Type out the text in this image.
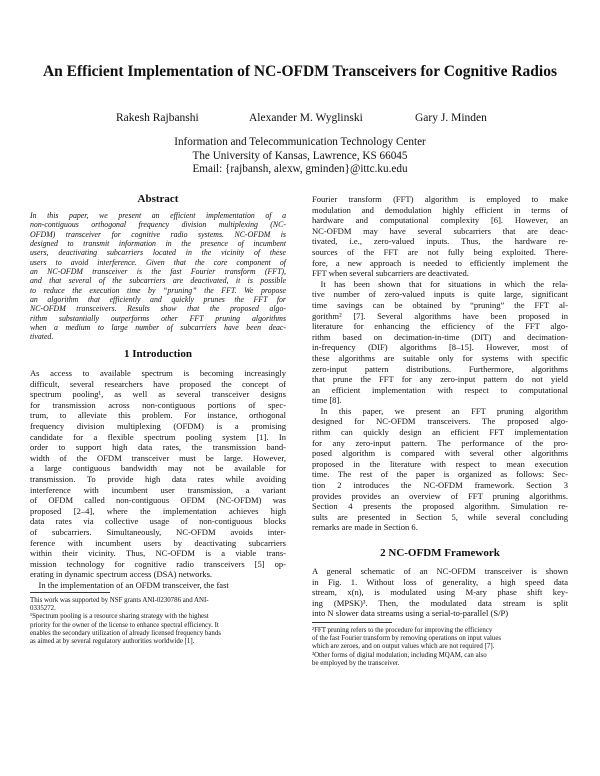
An Efficient Implementation of NC-OFDM Transceivers for Cognitive Radios
Rakesh Rajbanshi	Alexander M. Wyglinski	Gary J. Minden
Information and Telecommunication Technology Center
The University of Kansas, Lawrence, KS 66045
Email: {rajbansh, alexw, gminden}@ittc.ku.edu
Abstract
In this paper, we present an efficient implementation of a
non-contiguous orthogonal frequency division multiplexing (NC-
OFDM) transceiver for cognitive radio systems. NC-OFDM is
designed to transmit information in the presence of incumbent
users, deactivating subcarriers located in the vicinity of these
users to avoid interference. Given that the core component of
an NC-OFDM transceiver is the fast Fourier transform (FFT),
and that several of the subcarriers are deactivated, it is possible
to reduce the execution time by “pruning” the FFT. We propose
an algorithm that efficiently and quickly prunes the FFT for
NC-OFDM transceivers. Results show that the proposed algo-
rithm substantially outperforms other FFT pruning algorithms
when a medium to large number of subcarriers have been deac-
tivated.
1 Introduction
As access to available spectrum is becoming increasingly
difficult, several researchers have proposed the concept of
spectrum pooling¹, as well as several transceiver designs
for transmission across non-contiguous portions of spec-
trum, to alleviate this problem. For instance, orthogonal
frequency division multiplexing (OFDM) is a promising
candidate for a flexible spectrum pooling system [1]. In
order to support high data rates, the transmission band-
width of the OFDM transceiver must be large. However,
a large contiguous bandwidth may not be available for
transmission. To provide high data rates while avoiding
interference with incumbent user transmission, a variant
of OFDM called non-contiguous OFDM (NC-OFDM) was
proposed [2–4], where the implementation achieves high
data rates via collective usage of non-contiguous blocks
of subcarriers. Simultaneously, NC-OFDM avoids inter-
ference with incumbent users by deactivating subcarriers
within their vicinity. Thus, NC-OFDM is a viable trans-
mission technology for cognitive radio transceivers [5] op-
erating in dynamic spectrum access (DSA) networks.
 In the implementation of an OFDM transceiver, the fast
This work was supported by NSF grants ANI-0230786 and ANI-
0335272.
¹Spectrum pooling is a resource sharing strategy with the highest
priority for the owner of the license to enhance spectral efficiency. It
enables the secondary utilization of already licensed frequency bands
as aimed at by several regulatory authorities worldwide [1].
Fourier transform (FFT) algorithm is employed to make
modulation and demodulation highly efficient in terms of
hardware and computational complexity [6]. However, an
NC-OFDM may have several subcarriers that are deac-
tivated, i.e., zero-valued inputs. Thus, the hardware re-
sources of the FFT are not fully being exploited. There-
fore, a new approach is needed to efficiently implement the
FFT when several subcarriers are deactivated.
 It has been shown that for situations in which the rela-
tive number of zero-valued inputs is quite large, significant
time savings can be obtained by “pruning” the FFT al-
gorithm² [7]. Several algorithms have been proposed in
literature for enhancing the efficiency of the FFT algo-
rithm based on decimation-in-time (DIT) and decimation-
in-frequency (DIF) algorithms [8–15]. However, most of
these algorithms are suitable only for systems with specific
zero-input pattern distributions. Furthermore, algorithms
that prune the FFT for any zero-input pattern do not yield
an efficient implementation with respect to computational
time [8].
 In this paper, we present an FFT pruning algorithm
designed for NC-OFDM transceivers. The proposed algo-
rithm can quickly design an efficient FFT implementation
for any zero-input pattern. The performance of the pro-
posed algorithm is compared with several other algorithms
proposed in the literature with respect to mean execution
time. The rest of the paper is organized as follows: Sec-
tion 2 introduces the NC-OFDM framework. Section 3
provides provides an overview of FFT pruning algorithms.
Section 4 presents the proposed algorithm. Simulation re-
sults are presented in Section 5, while several concluding
remarks are made in Section 6.
2 NC-OFDM Framework
A general schematic of an NC-OFDM transceiver is shown
in Fig. 1. Without loss of generality, a high speed data
stream, x(n), is modulated using M-ary phase shift key-
ing (MPSK)³. Then, the modulated data stream is split
into N slower data streams using a serial-to-parallel (S/P)
²FFT pruning refers to the procedure for improving the efficiency
of the fast Fourier transform by removing operations on input values
which are zeroes, and on output values which are not required [7].
³Other forms of digital modulation, including MQAM, can also
be employed by the transceiver.
